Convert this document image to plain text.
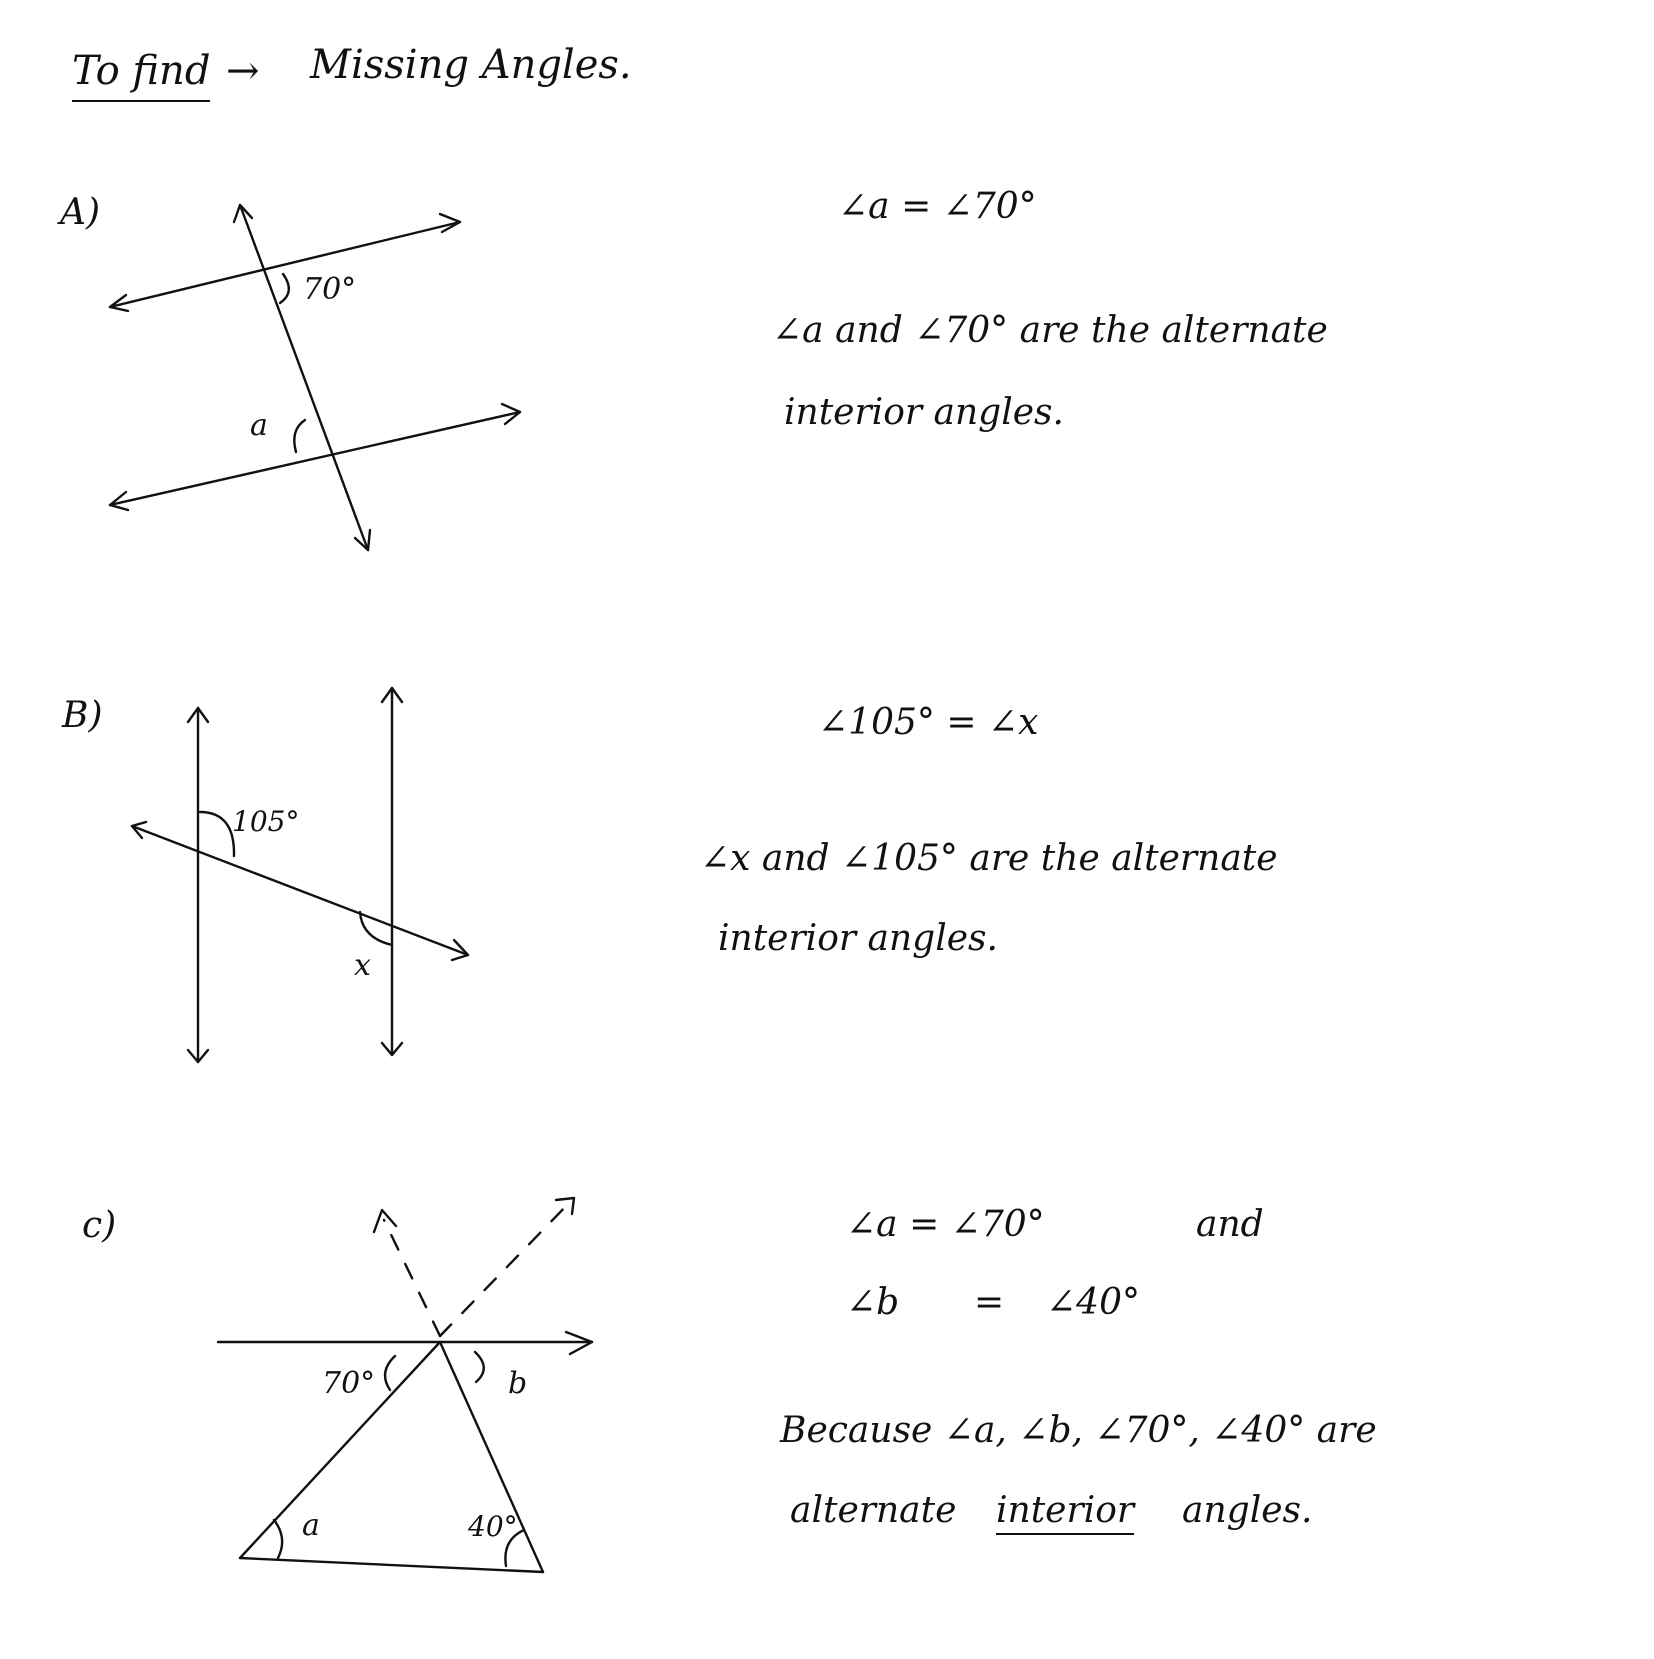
To find → Missing Angles.
A)
70°
a
∠a = ∠70°
∠a and ∠70° are the alternate
interior angles.
B)
105°
x
∠105° = ∠x
∠x and ∠105° are the alternate
interior angles.
c)
70°	b
a	40°
∠a = ∠70°	and
∠b = ∠40°
Because ∠a, ∠b, ∠70°, ∠40° are
alternate interior angles.
